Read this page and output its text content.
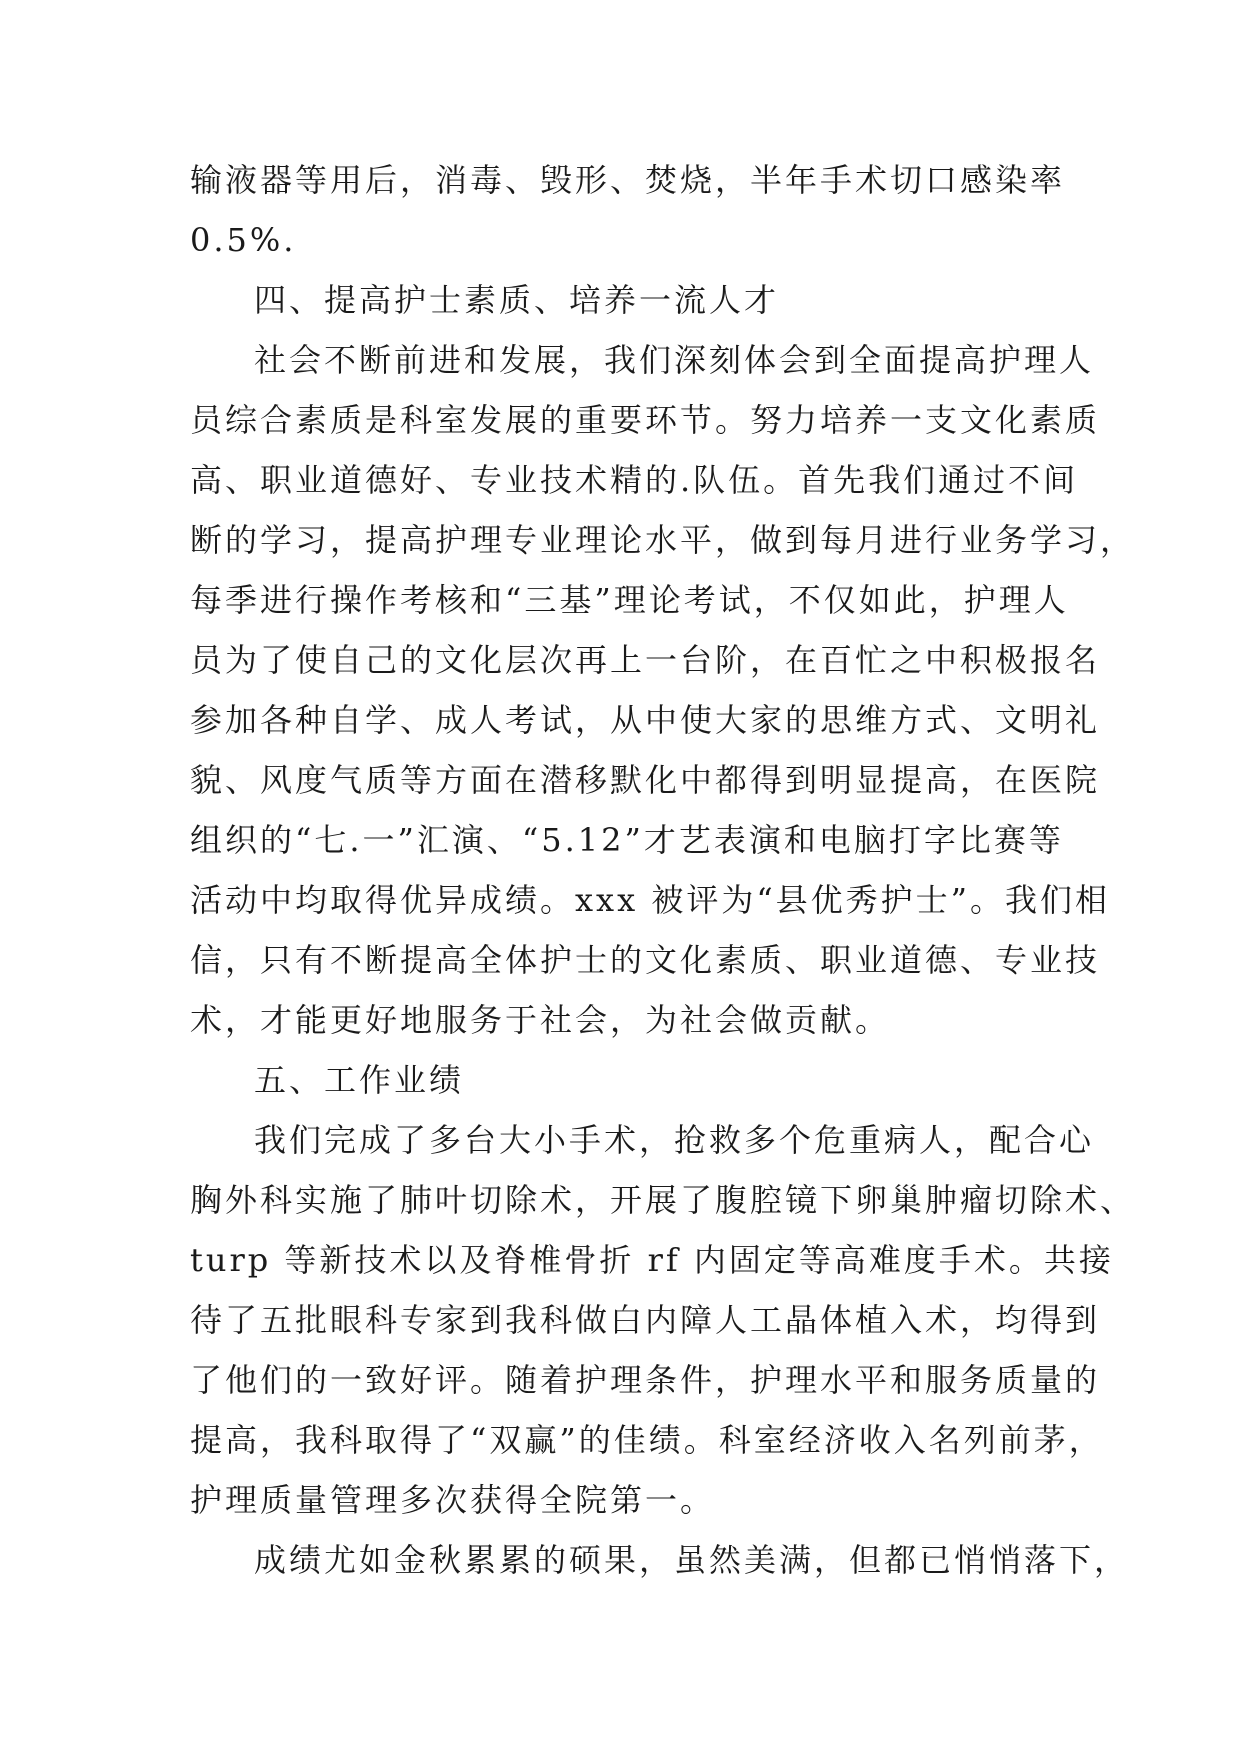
输液器等用后，消毒、毁形、焚烧，半年手术切口感染率
0.5%.
四、提高护士素质、培养一流人才
社会不断前进和发展，我们深刻体会到全面提高护理人
员综合素质是科室发展的重要环节。努力培养一支文化素质
高、职业道德好、专业技术精的.队伍。首先我们通过不间
断的学习，提高护理专业理论水平，做到每月进行业务学习，
每季进行操作考核和“三基”理论考试，不仅如此，护理人
员为了使自己的文化层次再上一台阶，在百忙之中积极报名
参加各种自学、成人考试，从中使大家的思维方式、文明礼
貌、风度气质等方面在潜移默化中都得到明显提高，在医院
组织的“七.一”汇演、“5.12”才艺表演和电脑打字比赛等
活动中均取得优异成绩。xxx 被评为“县优秀护士”。我们相
信，只有不断提高全体护士的文化素质、职业道德、专业技
术，才能更好地服务于社会，为社会做贡献。
五、工作业绩
我们完成了多台大小手术，抢救多个危重病人，配合心
胸外科实施了肺叶切除术，开展了腹腔镜下卵巢肿瘤切除术、
turp 等新技术以及脊椎骨折 rf 内固定等高难度手术。共接
待了五批眼科专家到我科做白内障人工晶体植入术，均得到
了他们的一致好评。随着护理条件，护理水平和服务质量的
提高，我科取得了“双赢”的佳绩。科室经济收入名列前茅，
护理质量管理多次获得全院第一。
成绩尤如金秋累累的硕果，虽然美满，但都已悄悄落下，
